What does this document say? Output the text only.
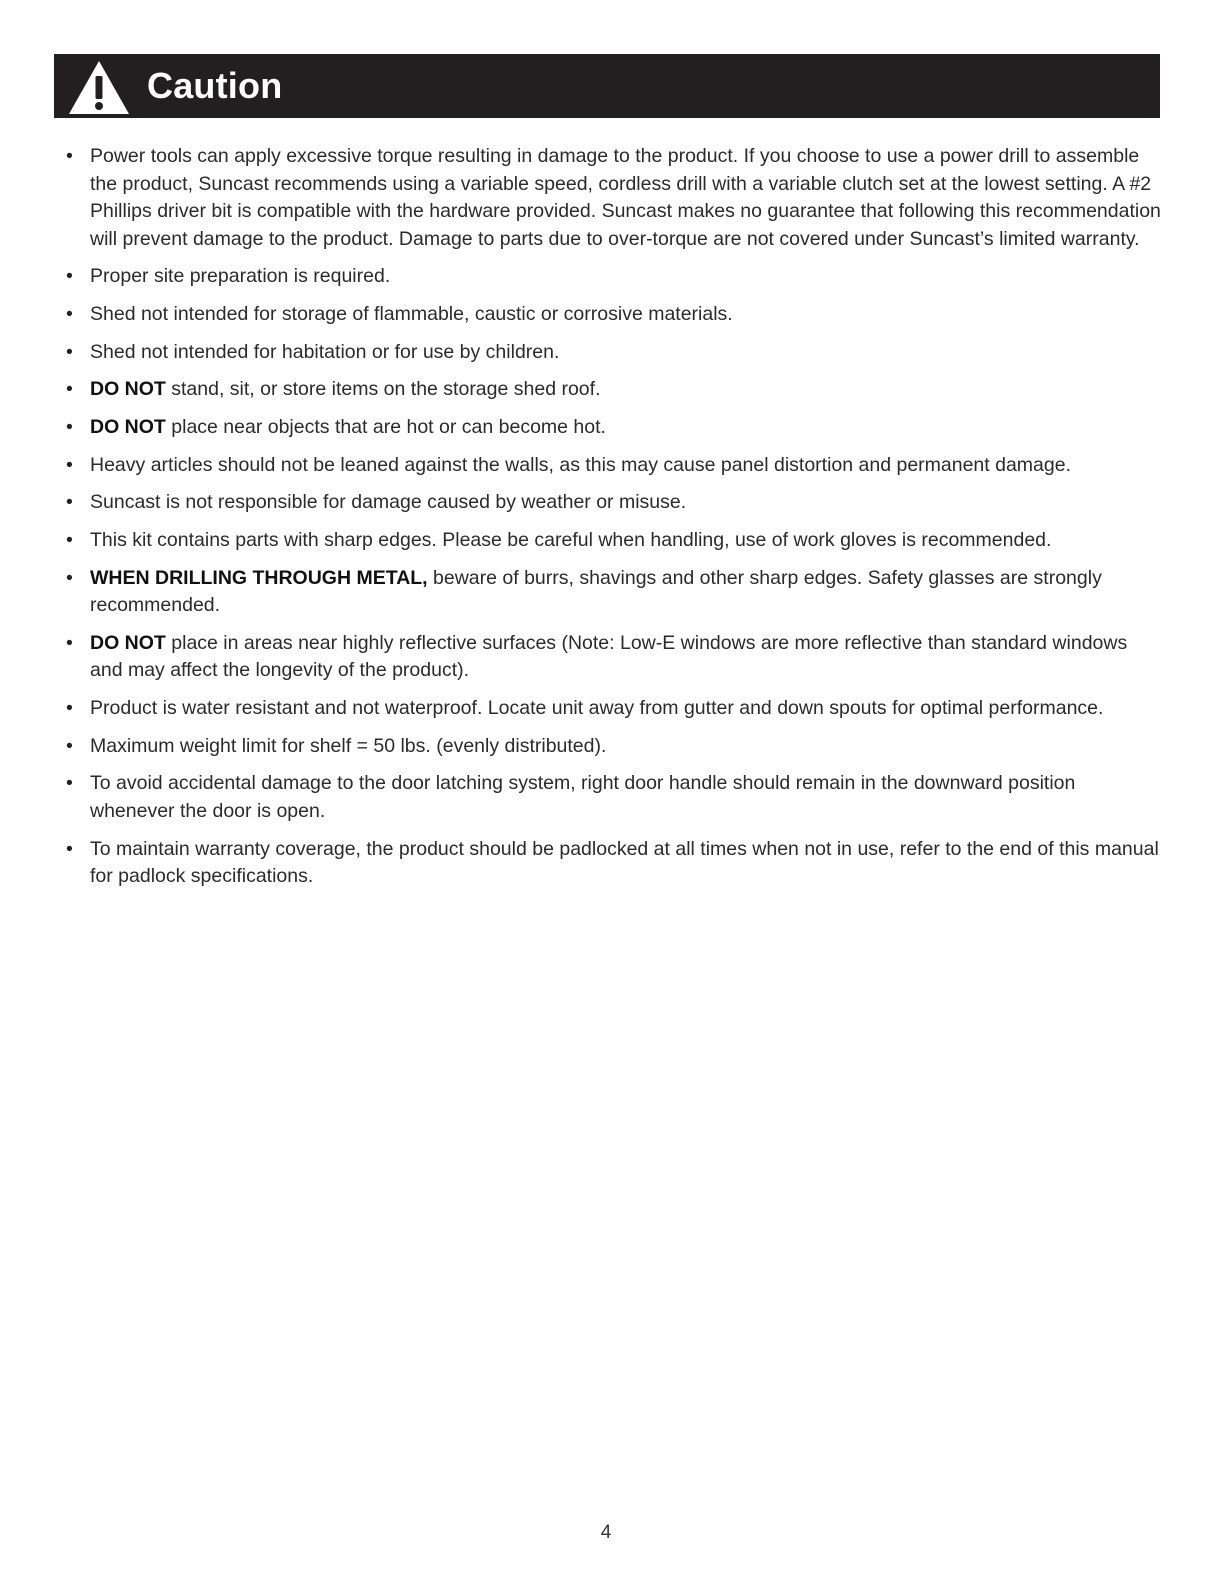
Caution
• Power tools can apply excessive torque resulting in damage to the product. If you choose to use a power drill to assemble the product, Suncast recommends using a variable speed, cordless drill with a variable clutch set at the lowest setting. A #2 Phillips driver bit is compatible with the hardware provided. Suncast makes no guarantee that following this recommendation will prevent damage to the product. Damage to parts due to over-torque are not covered under Suncast’s limited warranty.
• Proper site preparation is required.
• Shed not intended for storage of flammable, caustic or corrosive materials.
• Shed not intended for habitation or for use by children.
• DO NOT stand, sit, or store items on the storage shed roof.
• DO NOT place near objects that are hot or can become hot.
• Heavy articles should not be leaned against the walls, as this may cause panel distortion and permanent damage.
• Suncast is not responsible for damage caused by weather or misuse.
• This kit contains parts with sharp edges. Please be careful when handling, use of work gloves is recommended.
• WHEN DRILLING THROUGH METAL, beware of burrs, shavings and other sharp edges. Safety glasses are strongly recommended.
• DO NOT place in areas near highly reflective surfaces (Note: Low-E windows are more reflective than standard windows and may affect the longevity of the product).
• Product is water resistant and not waterproof. Locate unit away from gutter and down spouts for optimal performance.
• Maximum weight limit for shelf = 50 lbs. (evenly distributed).
• To avoid accidental damage to the door latching system, right door handle should remain in the downward position whenever the door is open.
• To maintain warranty coverage, the product should be padlocked at all times when not in use, refer to the end of this manual for padlock specifications.
4
